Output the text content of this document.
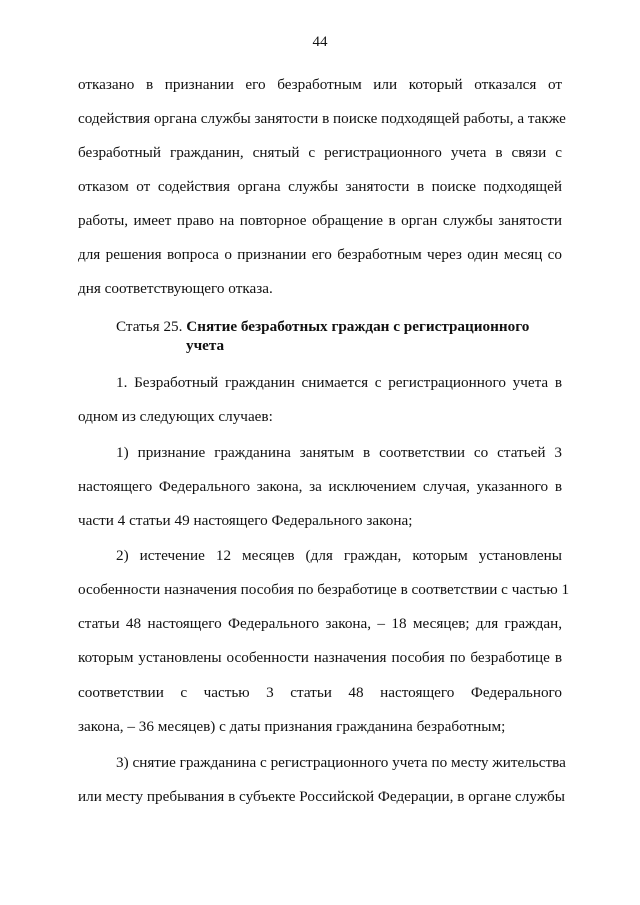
44
отказано в признании его безработным или который отказался от
содействия органа службы занятости в поиске подходящей работы, а также
безработный гражданин, снятый с регистрационного учета в связи с
отказом от содействия органа службы занятости в поиске подходящей
работы, имеет право на повторное обращение в орган службы занятости
для решения вопроса о признании его безработным через один месяц со
дня соответствующего отказа.
Статья 25. Снятие безработных граждан с регистрационного
учета
1. Безработный гражданин снимается с регистрационного учета в
одном из следующих случаев:
1) признание гражданина занятым в соответствии со статьей 3
настоящего Федерального закона, за исключением случая, указанного в
части 4 статьи 49 настоящего Федерального закона;
2) истечение 12 месяцев (для граждан, которым установлены
особенности назначения пособия по безработице в соответствии с частью 1
статьи 48 настоящего Федерального закона, – 18 месяцев; для граждан,
которым установлены особенности назначения пособия по безработице в
соответствии с частью 3 статьи 48 настоящего Федерального
закона, – 36 месяцев) с даты признания гражданина безработным;
3) снятие гражданина с регистрационного учета по месту жительства
или месту пребывания в субъекте Российской Федерации, в органе службы
